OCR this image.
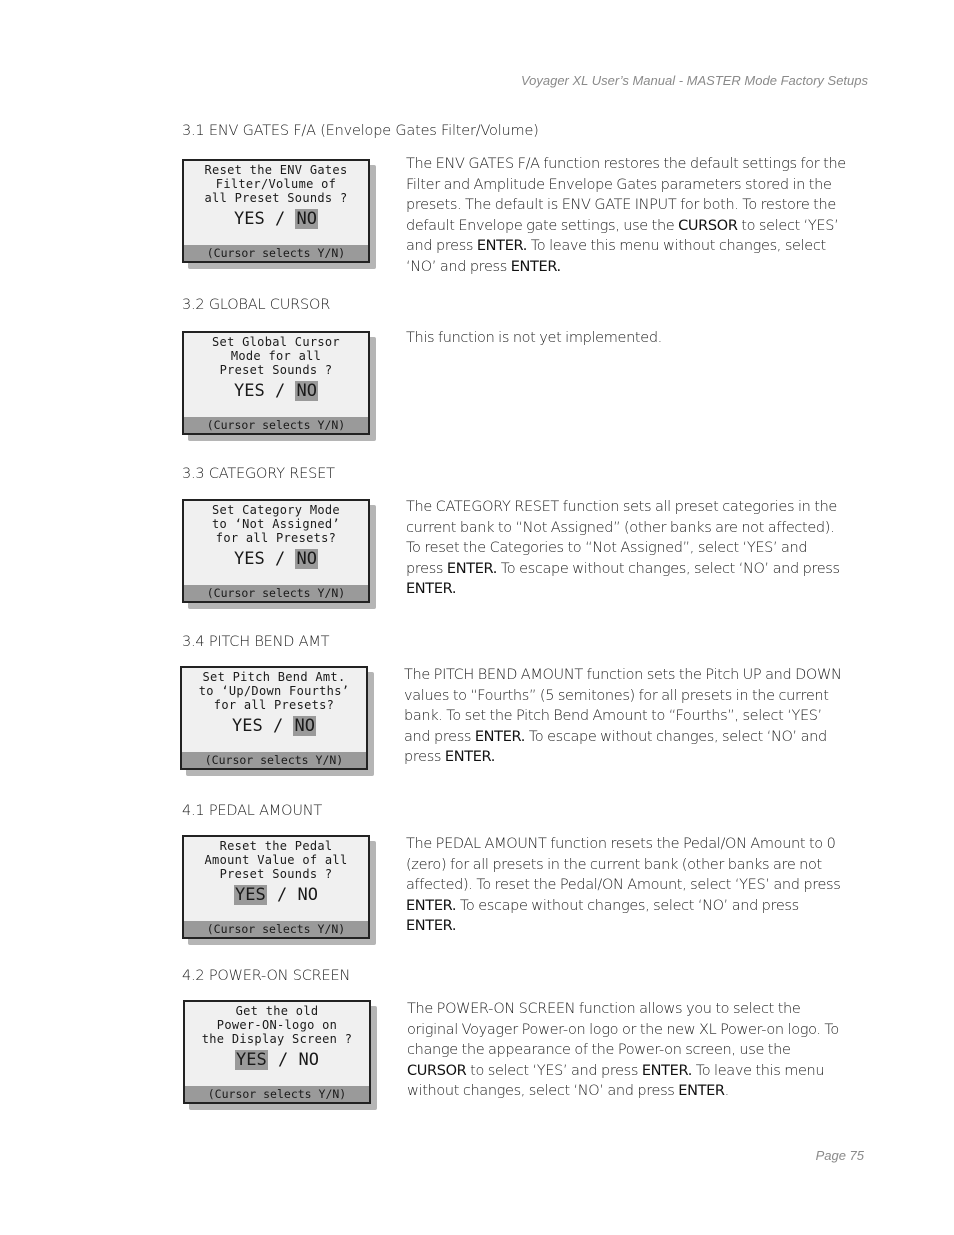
Voyager XL User’s Manual - MASTER Mode Factory Setups
3.1 ENV GATES F/A (Envelope Gates Filter/Volume)
Reset the ENV Gates
Filter/Volume of
all Preset Sounds ?
YES / NO
(Cursor selects Y/N)
The ENV GATES F/A function restores the default settings for the Filter and Amplitude Envelope Gates parameters stored in the presets. The default is ENV GATE INPUT for both. To restore the default Envelope gate settings, use the CURSOR to select ‘YES’ and press ENTER. To leave this menu without changes, select ‘NO’ and press ENTER.
3.2 GLOBAL CURSOR
Set Global Cursor
Mode for all
Preset Sounds ?
YES / NO
(Cursor selects Y/N)
This function is not yet implemented.
3.3 CATEGORY RESET
Set Category Mode
to ‘Not Assigned’
for all Presets?
YES / NO
(Cursor selects Y/N)
The CATEGORY RESET function sets all preset categories in the current bank to “Not Assigned” (other banks are not affected). To reset the Categories to “Not Assigned”, select ‘YES’ and press ENTER. To escape without changes, select ‘NO’ and press ENTER.
3.4 PITCH BEND AMT
Set Pitch Bend Amt.
to ‘Up/Down Fourths’
for all Presets?
YES / NO
(Cursor selects Y/N)
The PITCH BEND AMOUNT function sets the Pitch UP and DOWN values to “Fourths” (5 semitones) for all presets in the current bank. To set the Pitch Bend Amount to “Fourths”, select ‘YES’ and press ENTER. To escape without changes, select ‘NO’ and press ENTER.
4.1 PEDAL AMOUNT
Reset the Pedal
Amount Value of all
Preset Sounds ?
YES / NO
(Cursor selects Y/N)
The PEDAL AMOUNT function resets the Pedal/ON Amount to 0 (zero) for all presets in the current bank (other banks are not affected). To reset the Pedal/ON Amount, select ‘YES’ and press ENTER. To escape without changes, select ‘NO’ and press ENTER.
4.2 POWER-ON SCREEN
Get the old
Power-ON-logo on
the Display Screen ?
YES / NO
(Cursor selects Y/N)
The POWER-ON SCREEN function allows you to select the original Voyager Power-on logo or the new XL Power-on logo. To change the appearance of the Power-on screen, use the CURSOR to select ‘YES’ and press ENTER. To leave this menu without changes, select ‘NO’ and press ENTER.
Page 75
